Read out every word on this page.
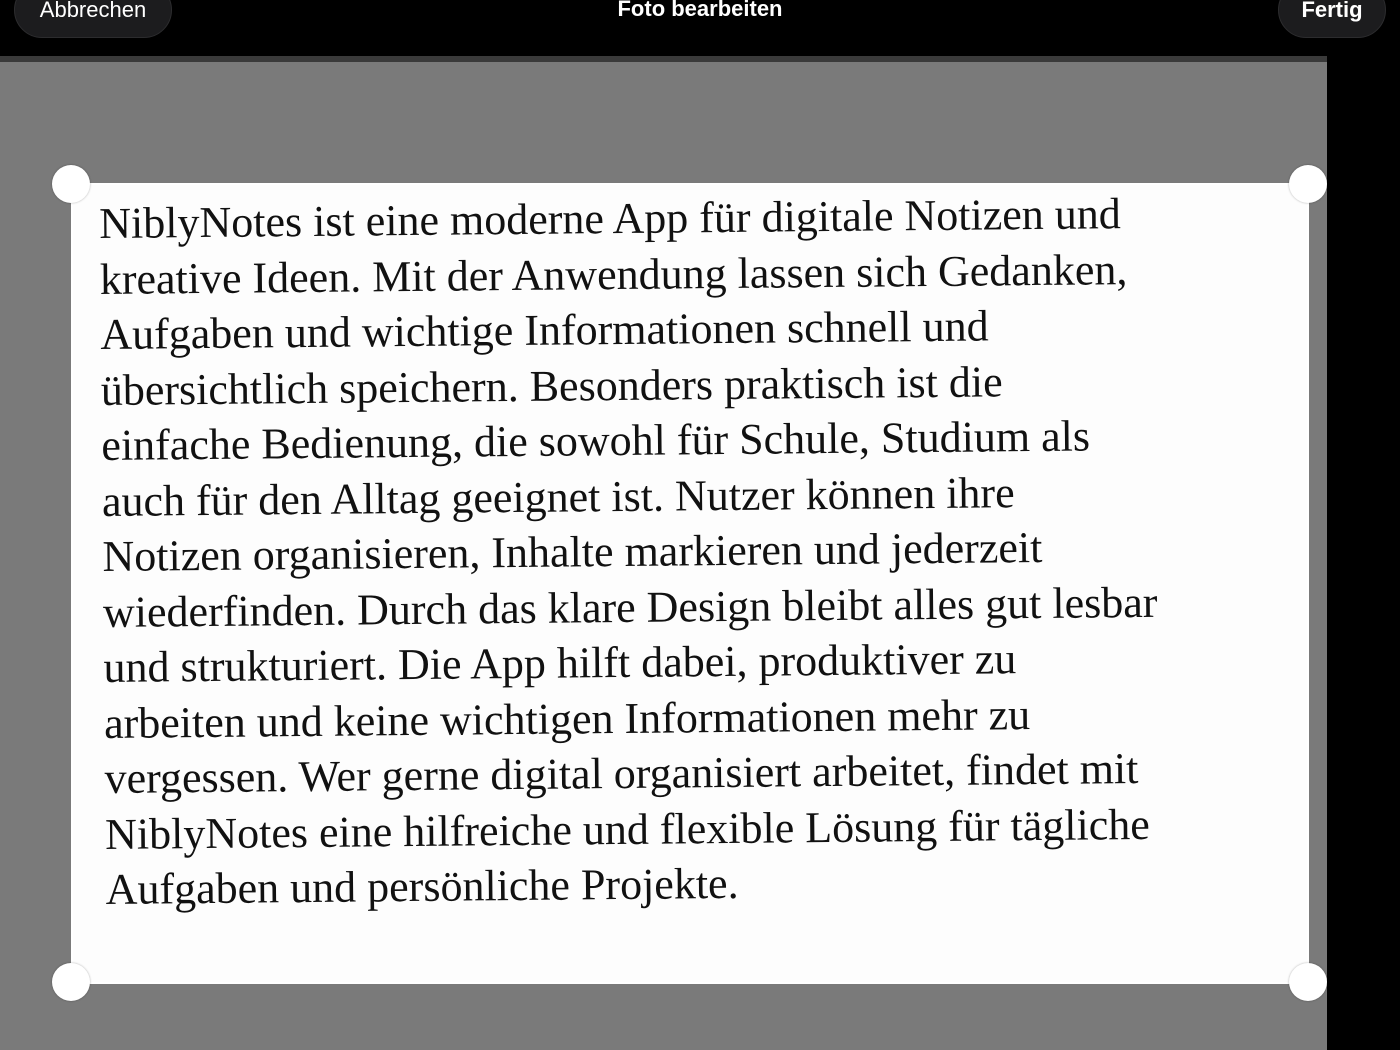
Abbrechen	Foto bearbeiten	Fertig
NiblyNotes ist eine moderne App für digitale Notizen und
kreative Ideen. Mit der Anwendung lassen sich Gedanken,
Aufgaben und wichtige Informationen schnell und
übersichtlich speichern. Besonders praktisch ist die
einfache Bedienung, die sowohl für Schule, Studium als
auch für den Alltag geeignet ist. Nutzer können ihre
Notizen organisieren, Inhalte markieren und jederzeit
wiederfinden. Durch das klare Design bleibt alles gut lesbar
und strukturiert. Die App hilft dabei, produktiver zu
arbeiten und keine wichtigen Informationen mehr zu
vergessen. Wer gerne digital organisiert arbeitet, findet mit
NiblyNotes eine hilfreiche und flexible Lösung für tägliche
Aufgaben und persönliche Projekte.
